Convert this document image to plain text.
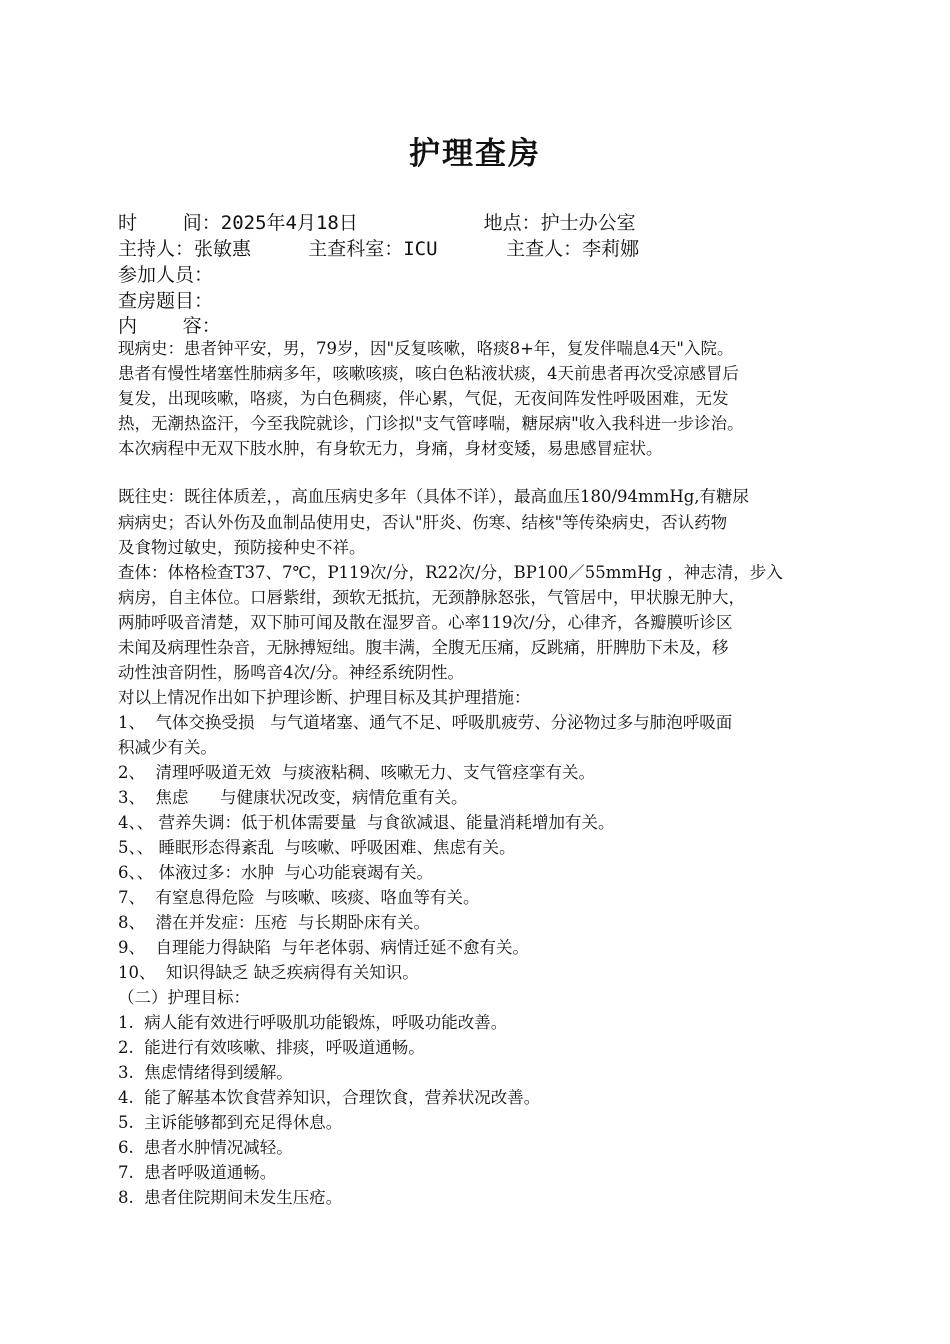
护理查房
时    间：2025年4月18日           地点：护士办公室
主持人：张敏惠     主查科室：ICU      主查人：李莉娜
参加人员：
查房题目：
内    容：
现病史：患者钟平安，男，79岁，因"反复咳嗽，咯痰8+年，复发伴喘息4天"入院。
患者有慢性堵塞性肺病多年，咳嗽咳痰，咳白色粘液状痰，4天前患者再次受凉感冒后
复发，出现咳嗽，咯痰，为白色稠痰，伴心累，气促，无夜间阵发性呼吸困难，无发
热，无潮热盗汗，今至我院就诊，门诊拟"支气管哮喘，糖尿病"收入我科进一步诊治。
本次病程中无双下肢水肿，有身软无力，身痛，身材变矮，易患感冒症状。
既往史：既往体质差，，高血压病史多年（具体不详），最高血压180/94mmHg,有糖尿
病病史；否认外伤及血制品使用史，否认"肝炎、伤寒、结核"等传染病史，否认药物
及食物过敏史，预防接种史不祥。
查体：体格检查T37、7℃，P119次/分，R22次/分，BP100／55mmHg ，神志清，步入
病房，自主体位。口唇紫绀，颈软无抵抗，无颈静脉怒张，气管居中，甲状腺无肿大，
两肺呼吸音清楚，双下肺可闻及散在湿罗音。心率119次/分，心律齐，各瓣膜听诊区
未闻及病理性杂音，无脉搏短绌。腹丰满，全腹无压痛，反跳痛，肝脾肋下未及，移
动性浊音阴性，肠鸣音4次/分。神经系统阴性。
对以上情况作出如下护理诊断、护理目标及其护理措施：
1、  气体交换受损   与气道堵塞、通气不足、呼吸肌疲劳、分泌物过多与肺泡呼吸面
积减少有关。
2、  清理呼吸道无效  与痰液粘稠、咳嗽无力、支气管痉挛有关。
3、  焦虑      与健康状况改变，病情危重有关。
4、、 营养失调：低于机体需要量  与食欲减退、能量消耗增加有关。
5、、 睡眠形态得紊乱  与咳嗽、呼吸困难、焦虑有关。
6、、 体液过多：水肿  与心功能衰竭有关。
7、  有窒息得危险  与咳嗽、咳痰、咯血等有关。
8、  潜在并发症：压疮  与长期卧床有关。
9、  自理能力得缺陷  与年老体弱、病情迁延不愈有关。
10、  知识得缺乏 缺乏疾病得有关知识。
（二）护理目标：
1.  病人能有效进行呼吸肌功能锻炼，呼吸功能改善。
2.  能进行有效咳嗽、排痰，呼吸道通畅。
3.  焦虑情绪得到缓解。
4.  能了解基本饮食营养知识，合理饮食，营养状况改善。
5.  主诉能够都到充足得休息。
6.  患者水肿情况减轻。
7.  患者呼吸道通畅。
8.  患者住院期间未发生压疮。
